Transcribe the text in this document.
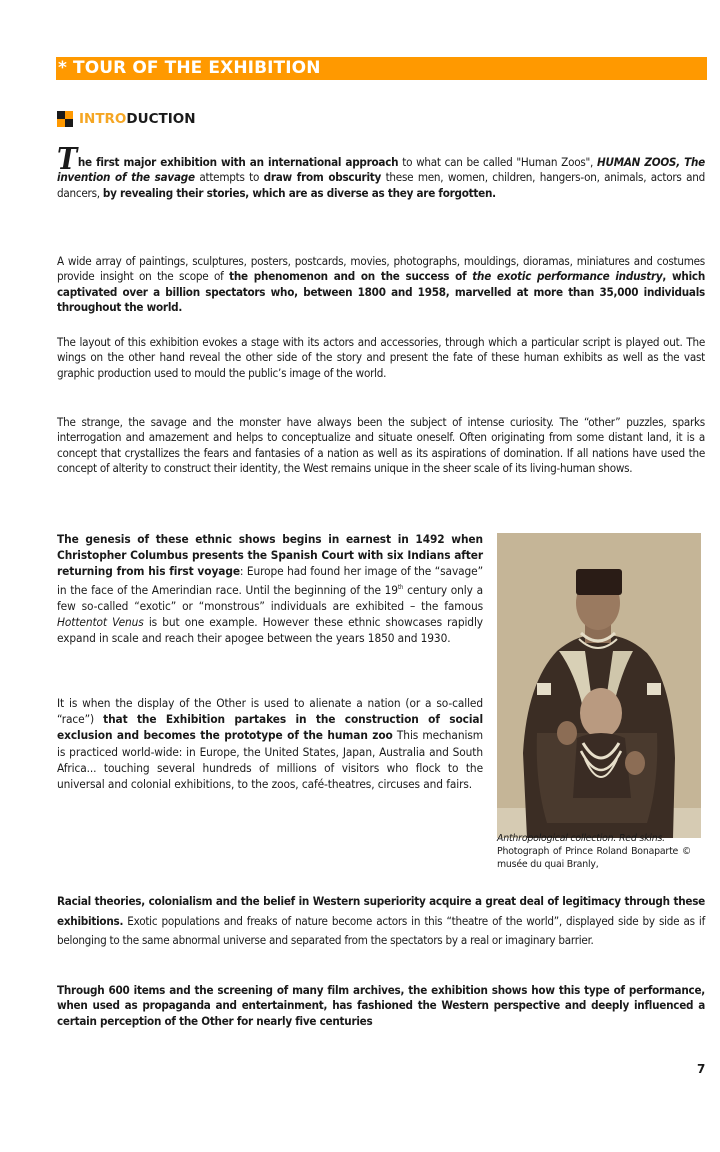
* TOUR OF THE EXHIBITION
INTRO DUCTION

The first major exhibition with an international approach to what can be called "Human Zoos", HUMAN ZOOS, The invention of the savage attempts to draw from obscurity these men, women, children, hangers-on, animals, actors and dancers, by revealing their stories, which are as diverse as they are forgotten.

A wide array of paintings, sculptures, posters, postcards, movies, photographs, mouldings, dioramas, miniatures and costumes provide insight on the scope of the phenomenon and on the success of the exotic performance industry, which captivated over a billion spectators who, between 1800 and 1958, marvelled at more than 35,000 individuals throughout the world.

The layout of this exhibition evokes a stage with its actors and accessories, through which a particular script is played out. The wings on the other hand reveal the other side of the story and present the fate of these human exhibits as well as the vast graphic production used to mould the public’s image of the world.

The strange, the savage and the monster have always been the subject of intense curiosity. The “other” puzzles, sparks interrogation and amazement and helps to conceptualize and situate oneself. Often originating from some distant land, it is a concept that crystallizes the fears and fantasies of a nation as well as its aspirations of domination. If all nations have used the concept of alterity to construct their identity, the West remains unique in the sheer scale of its living-human shows.

The genesis of these ethnic shows begins in earnest in 1492 when Christopher Columbus presents the Spanish Court with six Indians after returning from his first voyage: Europe had found her image of the “savage” in the face of the Amerindian race. Until the beginning of the 19th century only a few so-called “exotic” or “monstrous” individuals are exhibited – the famous Hottentot Venus is but one example. However these ethnic showcases rapidly expand in scale and reach their apogee between the years 1850 and 1930.

It is when the display of the Other is used to alienate a nation (or a so-called “race”) that the Exhibition partakes in the construction of social exclusion and becomes the prototype of the human zoo This mechanism is practiced world-wide: in Europe, the United States, Japan, Australia and South Africa... touching several hundreds of millions of visitors who flock to the universal and colonial exhibitions, to the zoos, café-theatres, circuses and fairs.

Anthropological collection. Red skins.
Photograph of Prince Roland Bonaparte © musée du quai Branly,

Racial theories, colonialism and the belief in Western superiority acquire a great deal of legitimacy through these exhibitions. Exotic populations and freaks of nature become actors in this “theatre of the world”, displayed side by side as if belonging to the same abnormal universe and separated from the spectators by a real or imaginary barrier.

Through 600 items and the screening of many film archives, the exhibition shows how this type of performance, when used as propaganda and entertainment, has fashioned the Western perspective and deeply influenced a certain perception of the Other for nearly five centuries

7
